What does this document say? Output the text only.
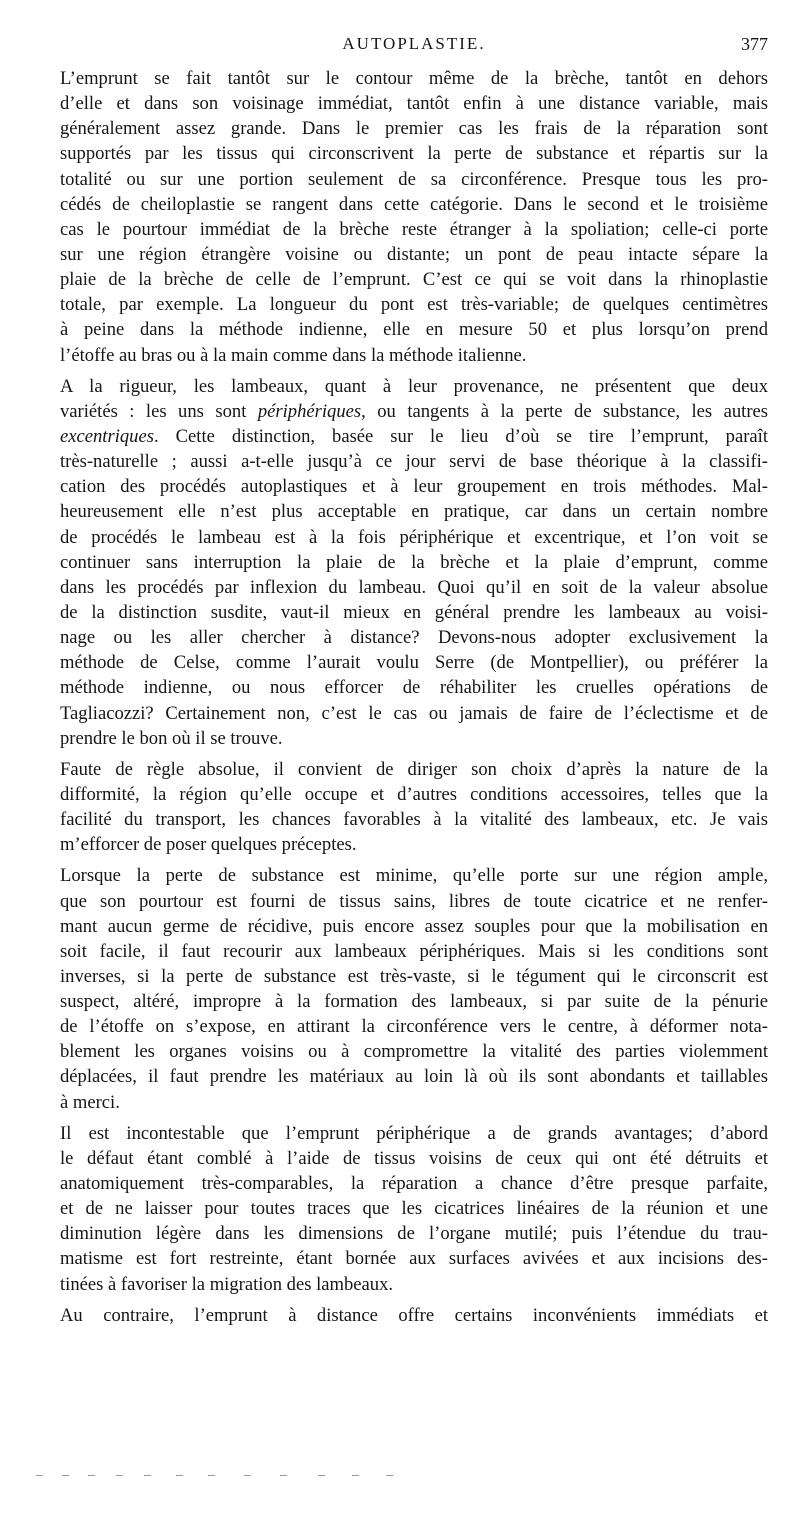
AUTOPLASTIE.	377
L’emprunt se fait tantôt sur le contour même de la brèche, tantôt en dehors
d’elle et dans son voisinage immédiat, tantôt enfin à une distance variable, mais
généralement assez grande. Dans le premier cas les frais de la réparation sont
supportés par les tissus qui circonscrivent la perte de substance et répartis sur la
totalité ou sur une portion seulement de sa circonférence. Presque tous les pro-
cédés de cheiloplastie se rangent dans cette catégorie. Dans le second et le troisième
cas le pourtour immédiat de la brèche reste étranger à la spoliation; celle-ci porte
sur une région étrangère voisine ou distante; un pont de peau intacte sépare la
plaie de la brèche de celle de l’emprunt. C’est ce qui se voit dans la rhinoplastie
totale, par exemple. La longueur du pont est très-variable; de quelques centimètres
à peine dans la méthode indienne, elle en mesure 50 et plus lorsqu’on prend
l’étoffe au bras ou à la main comme dans la méthode italienne.
A la rigueur, les lambeaux, quant à leur provenance, ne présentent que deux
variétés : les uns sont périphériques, ou tangents à la perte de substance, les autres
excentriques. Cette distinction, basée sur le lieu d’où se tire l’emprunt, paraît
très-naturelle ; aussi a-t-elle jusqu’à ce jour servi de base théorique à la classifi-
cation des procédés autoplastiques et à leur groupement en trois méthodes. Mal-
heureusement elle n’est plus acceptable en pratique, car dans un certain nombre
de procédés le lambeau est à la fois périphérique et excentrique, et l’on voit se
continuer sans interruption la plaie de la brèche et la plaie d’emprunt, comme
dans les procédés par inflexion du lambeau. Quoi qu’il en soit de la valeur absolue
de la distinction susdite, vaut-il mieux en général prendre les lambeaux au voisi-
nage ou les aller chercher à distance? Devons-nous adopter exclusivement la
méthode de Celse, comme l’aurait voulu Serre (de Montpellier), ou préférer la
méthode indienne, ou nous efforcer de réhabiliter les cruelles opérations de
Tagliacozzi? Certainement non, c’est le cas ou jamais de faire de l’éclectisme et de
prendre le bon où il se trouve.
Faute de règle absolue, il convient de diriger son choix d’après la nature de la
difformité, la région qu’elle occupe et d’autres conditions accessoires, telles que la
facilité du transport, les chances favorables à la vitalité des lambeaux, etc. Je vais
m’efforcer de poser quelques préceptes.
Lorsque la perte de substance est minime, qu’elle porte sur une région ample,
que son pourtour est fourni de tissus sains, libres de toute cicatrice et ne renfer-
mant aucun germe de récidive, puis encore assez souples pour que la mobilisation en
soit facile, il faut recourir aux lambeaux périphériques. Mais si les conditions sont
inverses, si la perte de substance est très-vaste, si le tégument qui le circonscrit est
suspect, altéré, impropre à la formation des lambeaux, si par suite de la pénurie
de l’étoffe on s’expose, en attirant la circonférence vers le centre, à déformer nota-
blement les organes voisins ou à compromettre la vitalité des parties violemment
déplacées, il faut prendre les matériaux au loin là où ils sont abondants et taillables
à merci.
Il est incontestable que l’emprunt périphérique a de grands avantages; d’abord
le défaut étant comblé à l’aide de tissus voisins de ceux qui ont été détruits et
anatomiquement très-comparables, la réparation a chance d’être presque parfaite,
et de ne laisser pour toutes traces que les cicatrices linéaires de la réunion et une
diminution légère dans les dimensions de l’organe mutilé; puis l’étendue du trau-
matisme est fort restreinte, étant bornée aux surfaces avivées et aux incisions des-
tinées à favoriser la migration des lambeaux.
Au contraire, l’emprunt à distance offre certains inconvénients immédiats et
